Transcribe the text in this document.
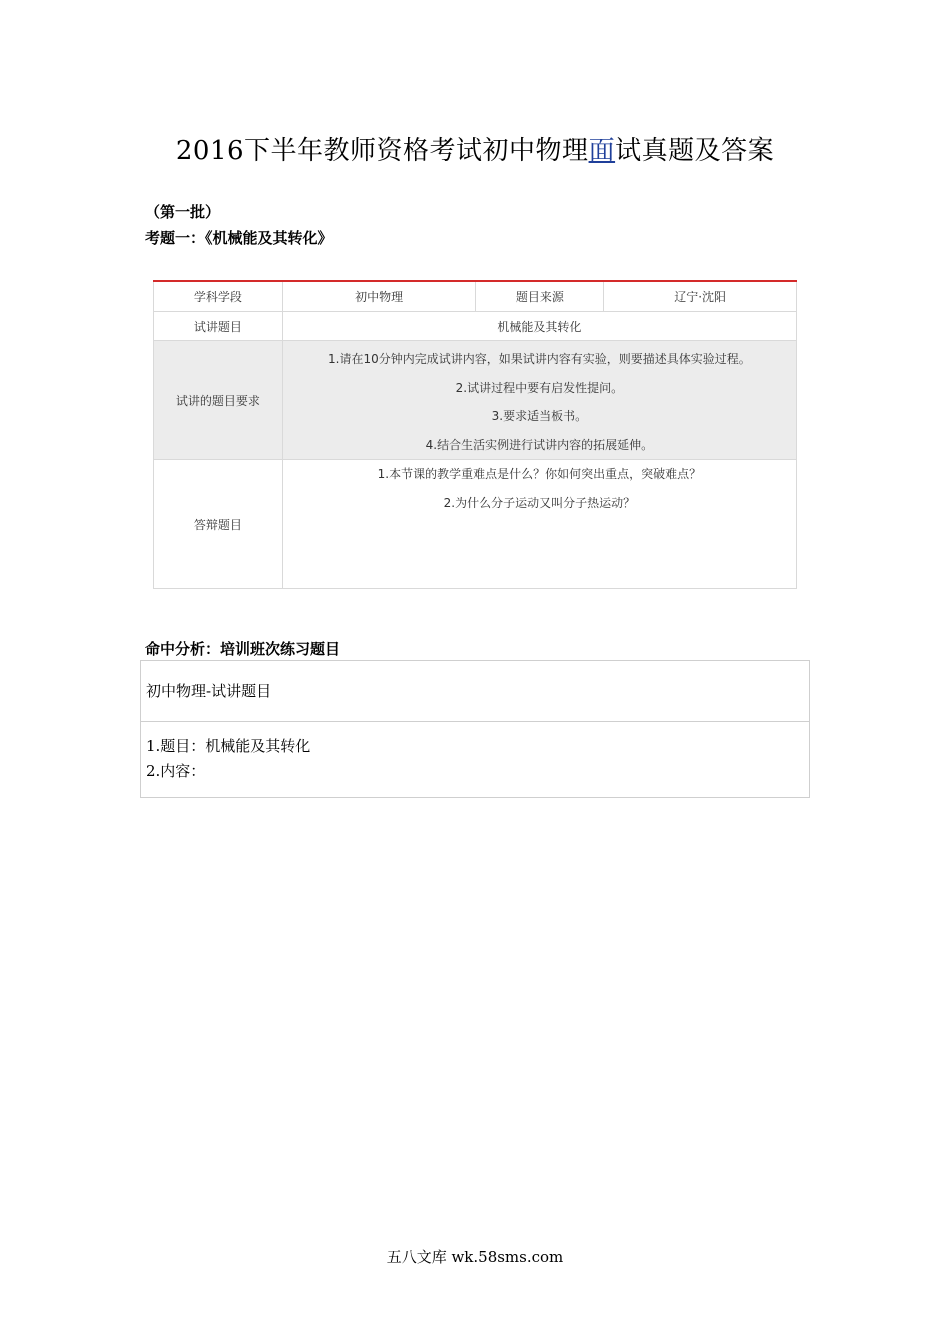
2016下半年教师资格考试初中物理面试真题及答案
（第一批）
考题一：《机械能及其转化》
学科学段	初中物理	题目来源	辽宁·沈阳
试讲题目	机械能及其转化		
试讲的题目要求	1.请在10分钟内完成试讲内容，如果试讲内容有实验，则要描述具体实验过程。
2.试讲过程中要有启发性提问。
3.要求适当板书。
4.结合生活实例进行试讲内容的拓展延伸。		

答辩题目	1.本节课的教学重难点是什么？你如何突出重点，突破难点？
2.为什么分子运动又叫分子热运动？		
命中分析：培训班次练习题目
初中物理-试讲题目
1.题目：机械能及其转化
2.内容：
五八文库 wk.58sms.com
